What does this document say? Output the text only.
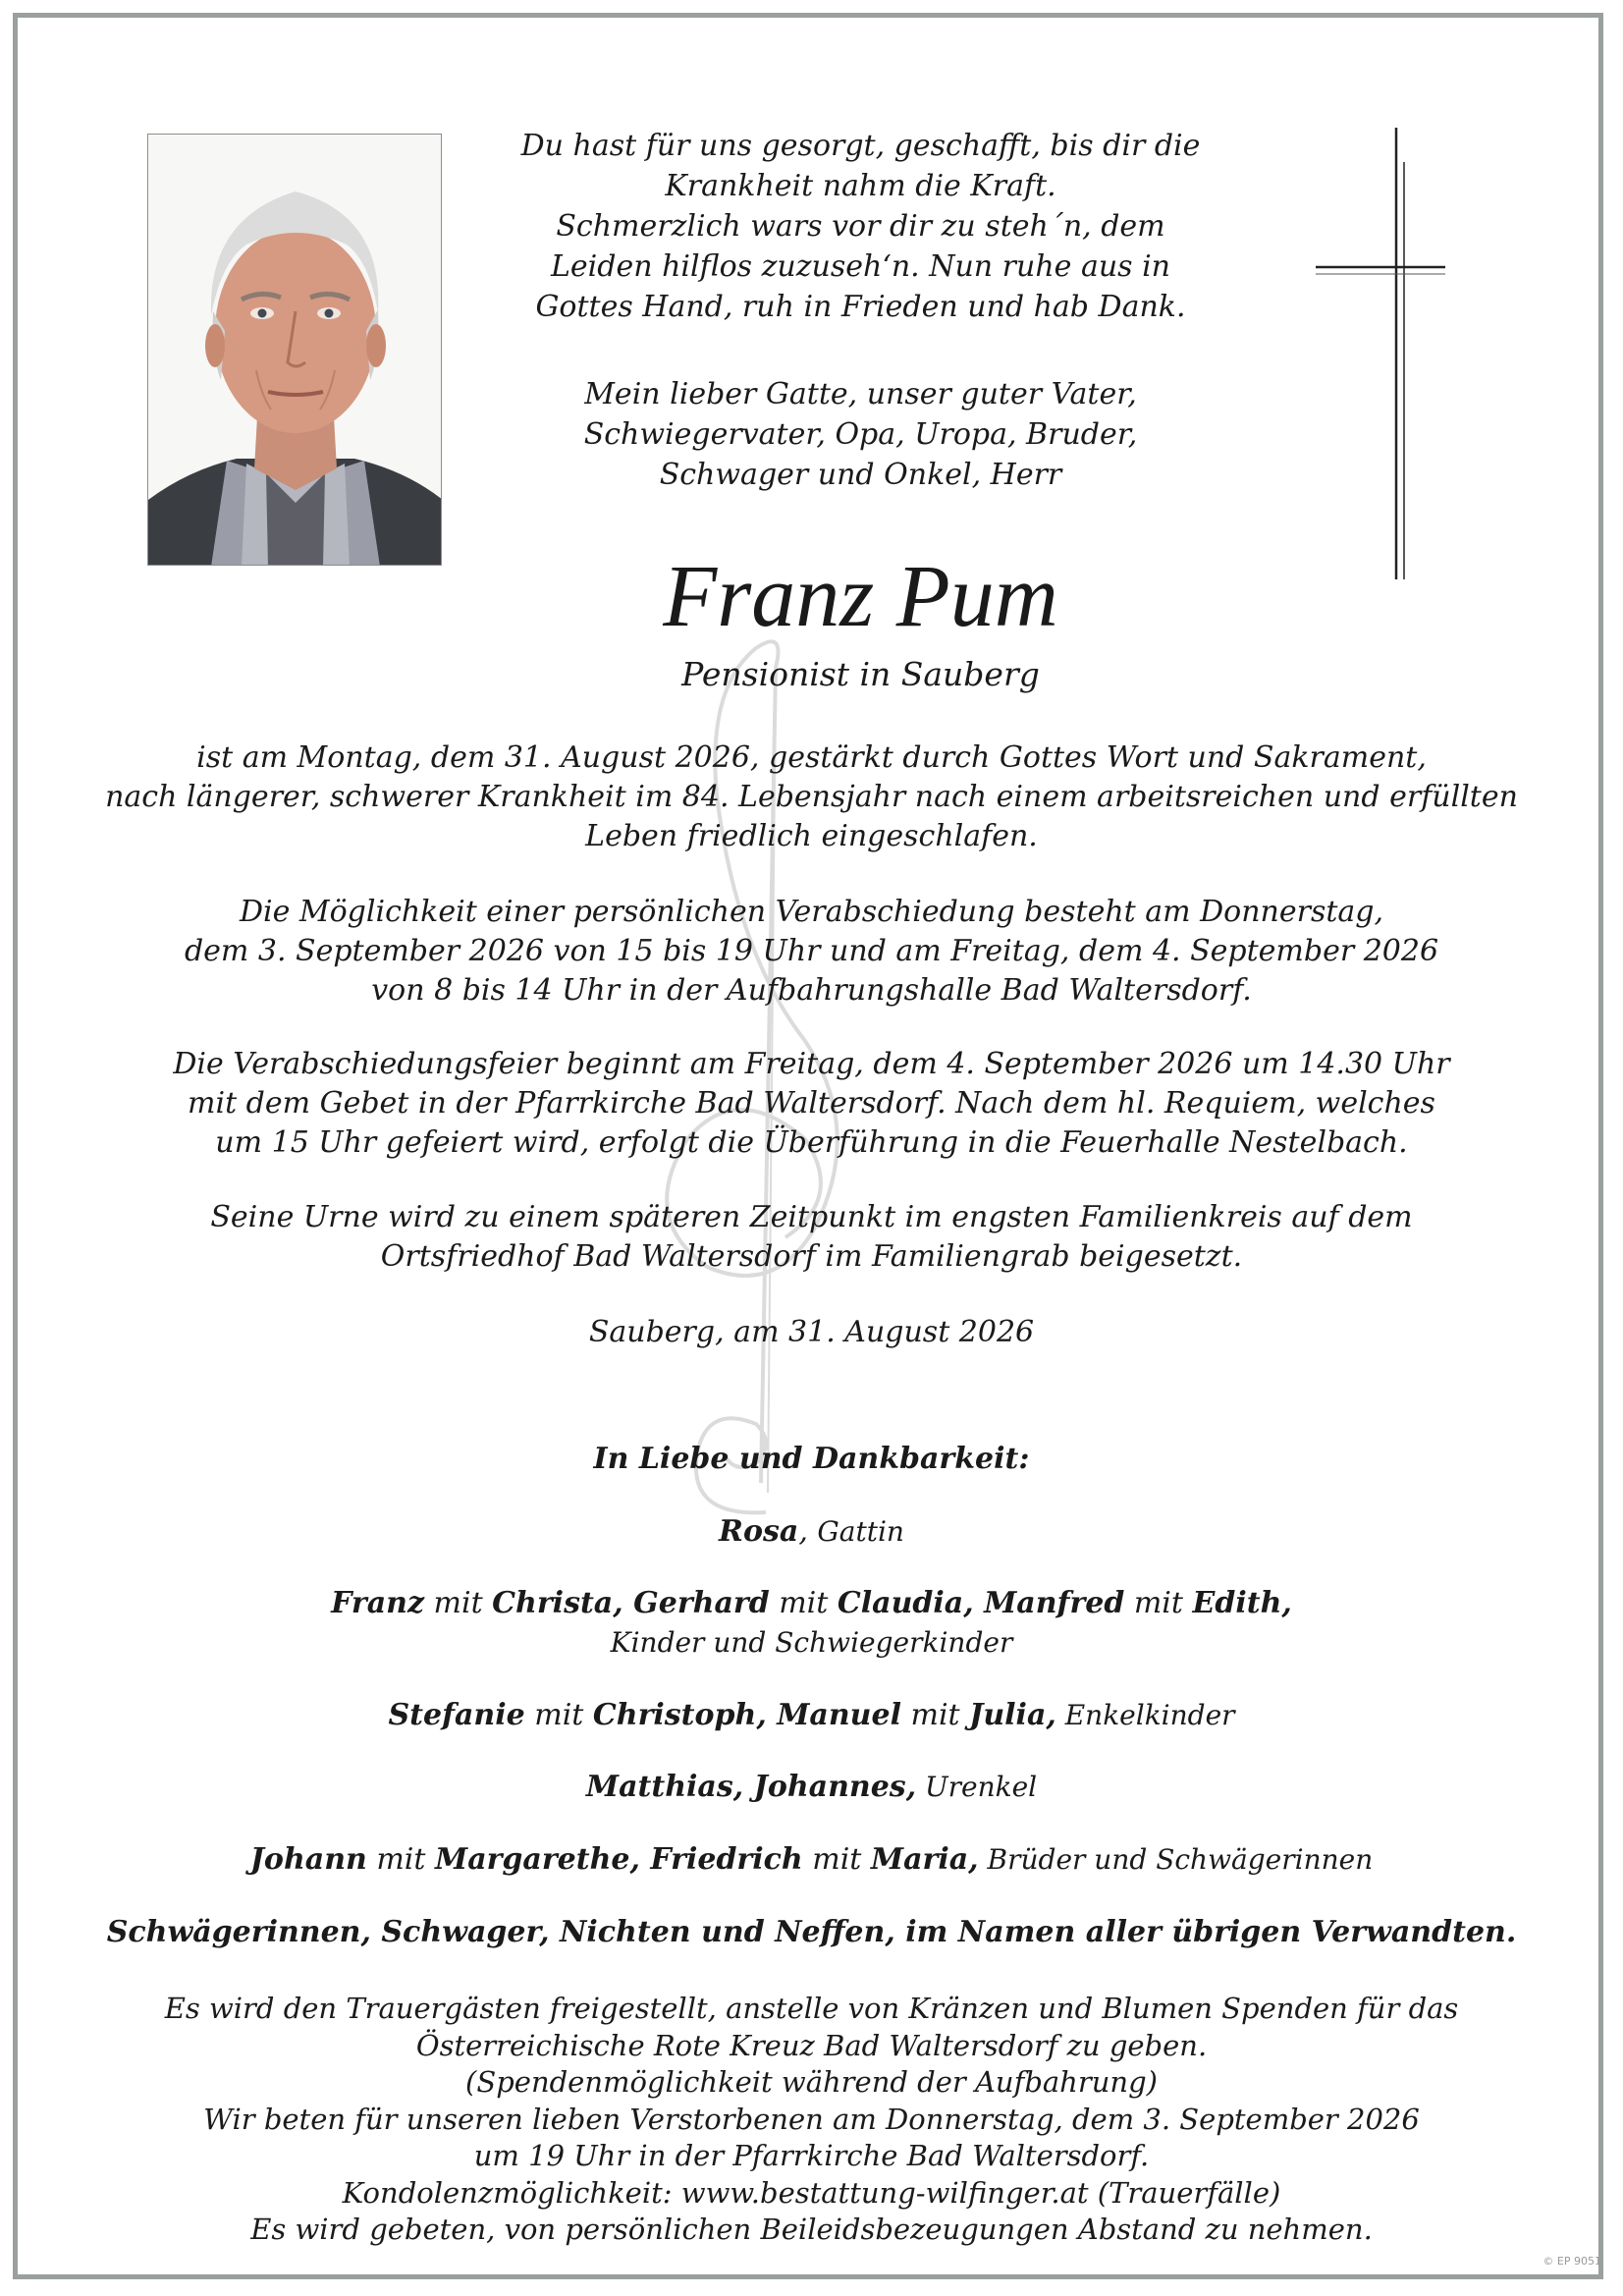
Du hast für uns gesorgt, geschafft, bis dir die
Krankheit nahm die Kraft.
Schmerzlich wars vor dir zu steh´n, dem
Leiden hilflos zuzuseh‘n. Nun ruhe aus in
Gottes Hand, ruh in Frieden und hab Dank.
Mein lieber Gatte, unser guter Vater,
Schwiegervater, Opa, Uropa, Bruder,
Schwager und Onkel, Herr
Franz Pum
Pensionist in Sauberg
ist am Montag, dem 31. August 2026, gestärkt durch Gottes Wort und Sakrament,
nach längerer, schwerer Krankheit im 84. Lebensjahr nach einem arbeitsreichen und erfüllten
Leben friedlich eingeschlafen.
Die Möglichkeit einer persönlichen Verabschiedung besteht am Donnerstag,
dem 3. September 2026 von 15 bis 19 Uhr und am Freitag, dem 4. September 2026
von 8 bis 14 Uhr in der Aufbahrungshalle Bad Waltersdorf.
Die Verabschiedungsfeier beginnt am Freitag, dem 4. September 2026 um 14.30 Uhr
mit dem Gebet in der Pfarrkirche Bad Waltersdorf. Nach dem hl. Requiem, welches
um 15 Uhr gefeiert wird, erfolgt die Überführung in die Feuerhalle Nestelbach.
Seine Urne wird zu einem späteren Zeitpunkt im engsten Familienkreis auf dem
Ortsfriedhof Bad Waltersdorf im Familiengrab beigesetzt.
Sauberg, am 31. August 2026
In Liebe und Dankbarkeit:
Rosa, Gattin
Franz mit Christa, Gerhard mit Claudia, Manfred mit Edith,
Kinder und Schwiegerkinder
Stefanie mit Christoph, Manuel mit Julia, Enkelkinder
Matthias, Johannes, Urenkel
Johann mit Margarethe, Friedrich mit Maria, Brüder und Schwägerinnen
Schwägerinnen, Schwager, Nichten und Neffen, im Namen aller übrigen Verwandten.
Es wird den Trauergästen freigestellt, anstelle von Kränzen und Blumen Spenden für das
Österreichische Rote Kreuz Bad Waltersdorf zu geben.
(Spendenmöglichkeit während der Aufbahrung)
Wir beten für unseren lieben Verstorbenen am Donnerstag, dem 3. September 2026
um 19 Uhr in der Pfarrkirche Bad Waltersdorf.
Kondolenzmöglichkeit: www.bestattung-wilfinger.at (Trauerfälle)
Es wird gebeten, von persönlichen Beileidsbezeugungen Abstand zu nehmen.
© EP 9051
